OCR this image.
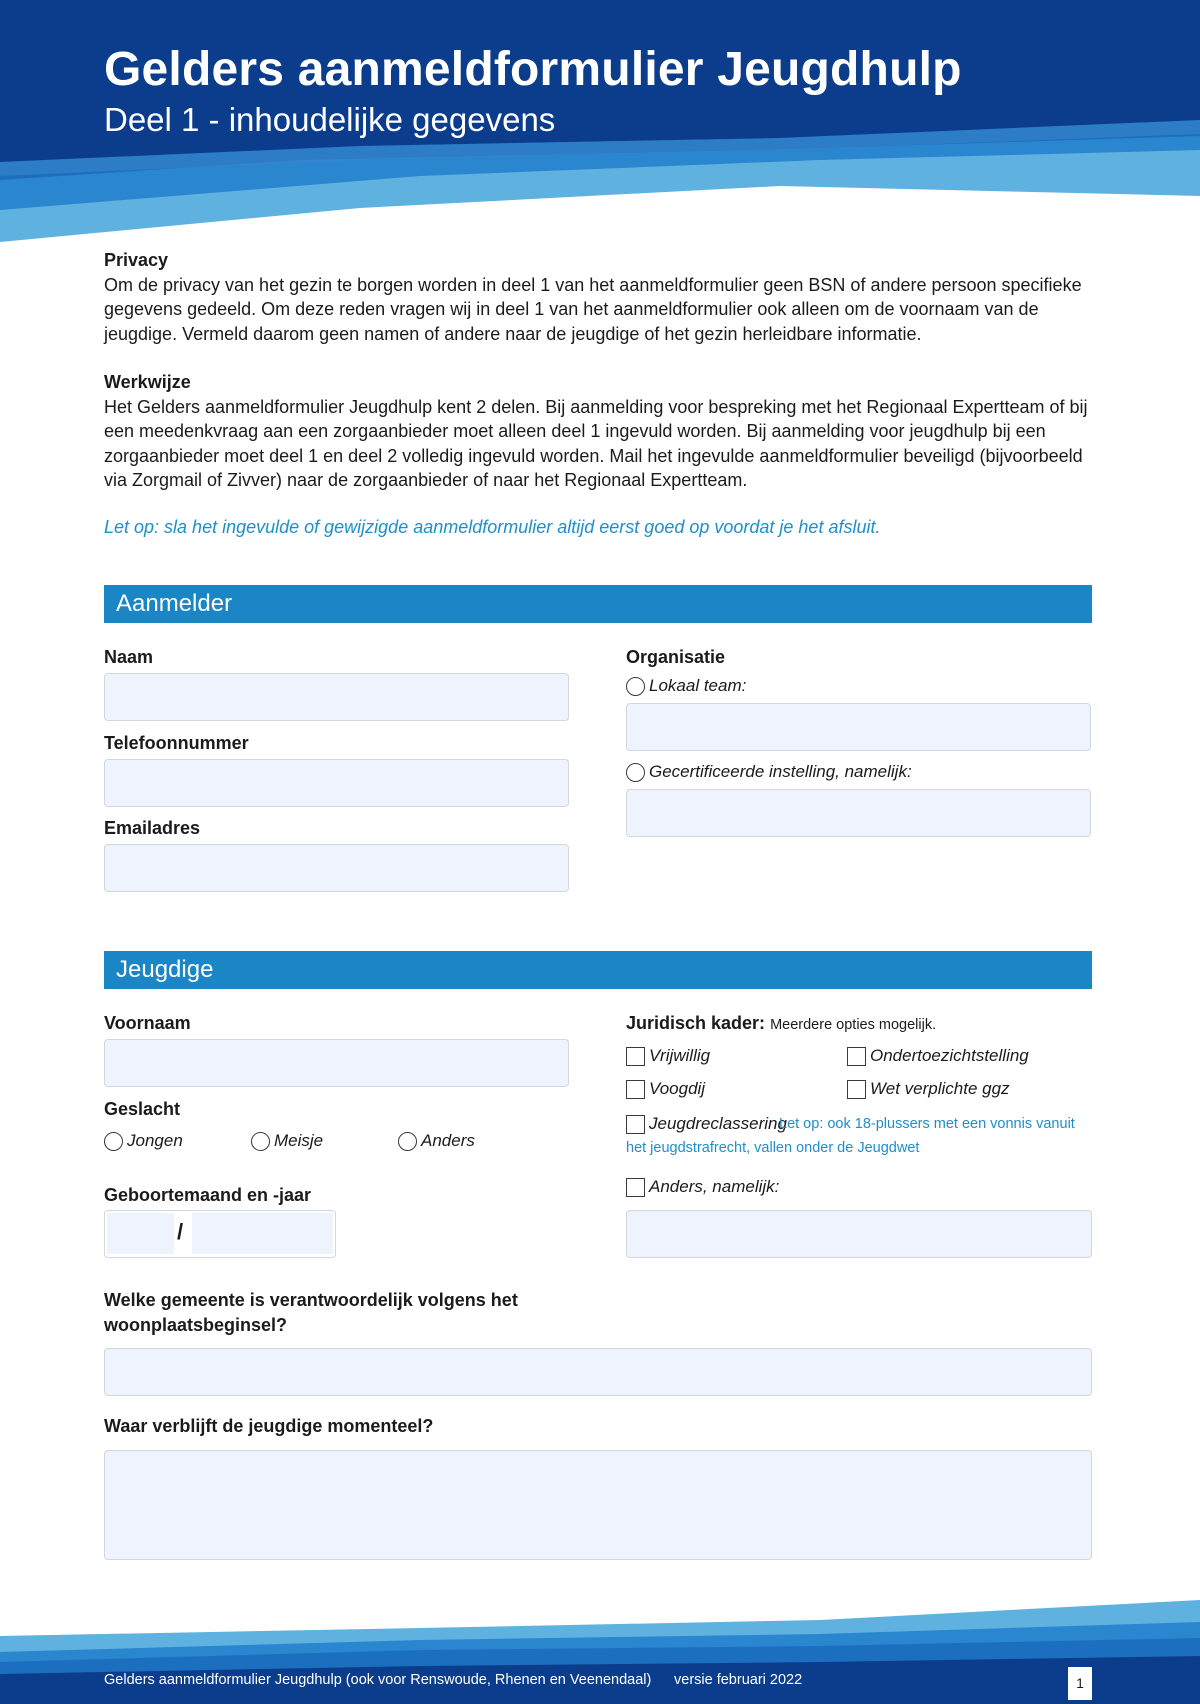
Gelders aanmeldformulier Jeugdhulp
Deel 1 - inhoudelijke gegevens
Privacy

Om de privacy van het gezin te borgen worden in deel 1 van het aanmeldformulier geen BSN of andere persoon specifieke gegevens gedeeld. Om deze reden vragen wij in deel 1 van het aanmeldformulier ook alleen om de voornaam van de jeugdige. Vermeld daarom geen namen of andere naar de jeugdige of het gezin herleidbare informatie.

Werkwijze

Het Gelders aanmeldformulier Jeugdhulp kent 2 delen. Bij aanmelding voor bespreking met het Regionaal Expertteam of bij een meedenkvraag aan een zorgaanbieder moet alleen deel 1 ingevuld worden. Bij aanmelding voor jeugdhulp bij een zorgaanbieder moet deel 1 en deel 2 volledig ingevuld worden. Mail het ingevulde aanmeldformulier beveiligd (bijvoorbeeld via Zorgmail of Zivver) naar de zorgaanbieder of naar het Regionaal Expertteam.

Let op: sla het ingevulde of gewijzigde aanmeldformulier altijd eerst goed op voordat je het afsluit.
Aanmelder
Naam
Telefoonnummer
Emailadres
Organisatie
Lokaal team:
Gecertificeerde instelling, namelijk:
Jeugdige
Voornaam
Geslacht
Jongen	Meisje	Anders
Geboortemaand en -jaar
/
Juridisch kader: Meerdere opties mogelijk.
Vrijwillig	Ondertoezichtstelling
Voogdij	Wet verplichte ggz
Jeugdreclassering
Let op: ook 18-plussers met een vonnis vanuit
het jeugdstrafrecht, vallen onder de Jeugdwet
Anders, namelijk:
Welke gemeente is verantwoordelijk volgens het woonplaatsbeginsel?
Waar verblijft de jeugdige momenteel?
Gelders aanmeldformulier Jeugdhulp (ook voor Renswoude, Rhenen en Veenendaal) versie februari 2022	1
